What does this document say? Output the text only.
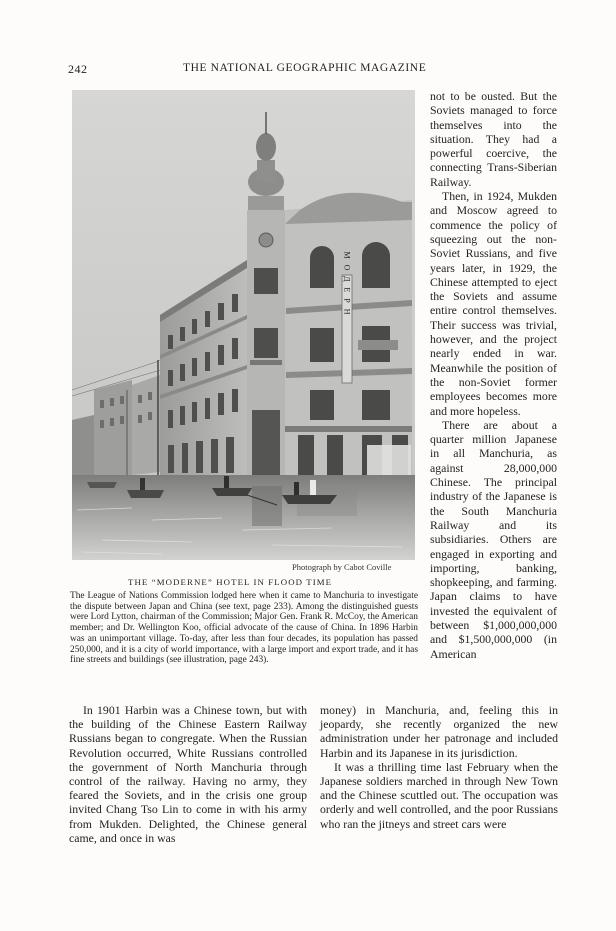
242	THE NATIONAL GEOGRAPHIC MAGAZINE
МОДЕРН
Photograph by Cabot Coville
THE “MODERNE” HOTEL IN FLOOD TIME

The League of Nations Commission lodged here when it came to Manchuria to investigate the dispute between Japan and China (see text, page 233). Among the distinguished guests were Lord Lytton, chairman of the Commission; Major Gen. Frank R. McCoy, the American member; and Dr. Wellington Koo, official advocate of the cause of China. In 1896 Harbin was an unimportant village. To-day, after less than four decades, its population has passed 250,000, and it is a city of world importance, with a large import and export trade, and it has fine streets and buildings (see illustration, page 243).

not to be ousted. But the Soviets managed to force themselves into the situation. They had a powerful coercive, the connecting Trans-Siberian Railway.

Then, in 1924, Mukden and Moscow agreed to commence the policy of squeezing out the non-Soviet Russians, and five years later, in 1929, the Chinese attempted to eject the Soviets and assume entire control themselves. Their success was trivial, however, and the project nearly ended in war. Meanwhile the position of the non-Soviet former employees becomes more and more hopeless.

There are about a quarter million Japanese in all Manchuria, as against 28,000,000 Chinese. The principal industry of the Japanese is the South Manchuria Railway and its subsidiaries. Others are engaged in exporting and importing, banking, shopkeeping, and farming. Japan claims to have invested the equivalent of between $1,000,000,000 and $1,500,000,000 (in American

In 1901 Harbin was a Chinese town, but with the building of the Chinese Eastern Railway Russians began to congregate. When the Russian Revolution occurred, White Russians controlled the government of North Manchuria through control of the railway. Having no army, they feared the Soviets, and in the crisis one group invited Chang Tso Lin to come in with his army from Mukden. Delighted, the Chinese general came, and once in was

money) in Manchuria, and, feeling this in jeopardy, she recently organized the new administration under her patronage and included Harbin and its Japanese in its jurisdiction.

It was a thrilling time last February when the Japanese soldiers marched in through New Town and the Chinese scuttled out. The occupation was orderly and well controlled, and the poor Russians who ran the jitneys and street cars were
